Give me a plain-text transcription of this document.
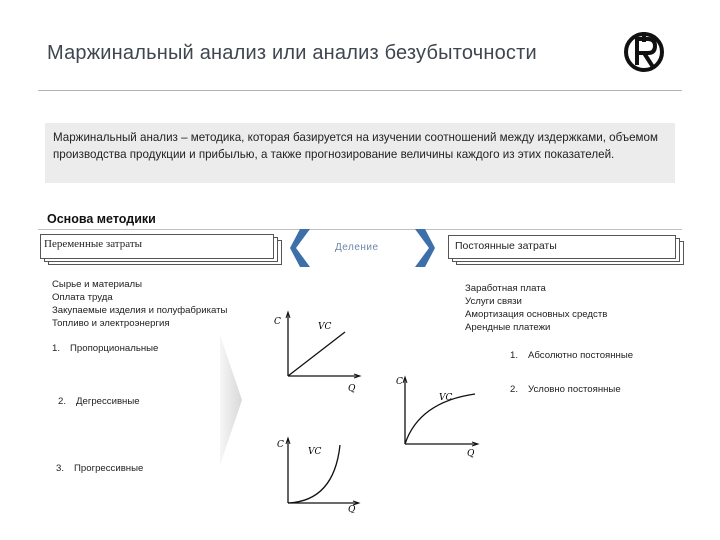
Маржинальный анализ или анализ безубыточности
Маржинальный анализ – методика, которая базируется на изучении соотношений между издержками, объемом производства продукции и прибылью, а также прогнозирование величины каждого из этих показателей.
Основа методики
Переменные затраты	Деление	Постоянные затраты
Сырье и материалы
Оплата труда
Закупаемые изделия и полуфабрикаты
Топливо и электроэнергия
Заработная плата
Услуги связи
Амортизация основных средств
Арендные платежи
1. Пропорциональные
2. Дегрессивные
3. Прогрессивные
1. Абсолютно постоянные
2. Условно постоянные
C	VC
Q
C
VC
Q
C
VC
Q
